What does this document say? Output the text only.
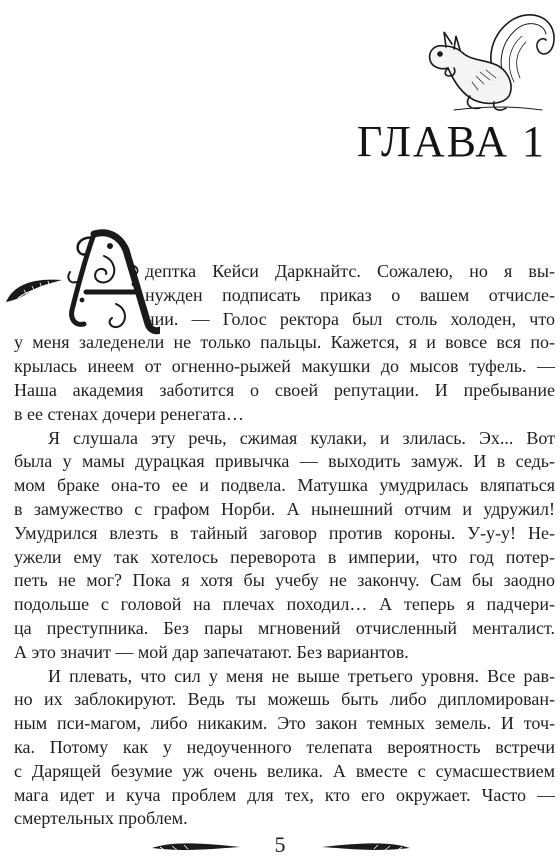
ГЛАВА 1

дептка Кейси Даркнайтс. Сожалею, но я вы-
нужден подписать приказ о вашем отчисле-
нии. — Голос ректора был столь холоден, что
у меня заледенели не только пальцы. Кажется, я и вовсе вся по-
крылась инеем от огненно-рыжей макушки до мысов туфель. —
Наша академия заботится о своей репутации. И пребывание
в ее стенах дочери ренегата…

Я слушала эту речь, сжимая кулаки, и злилась. Эх... Вот
была у мамы дурацкая привычка — выходить замуж. И в седь-
мом браке она-то ее и подвела. Матушка умудрилась вляпаться
в замужество с графом Норби. А нынешний отчим и удружил!
Умудрился влезть в тайный заговор против короны. У-у-у! Не-
ужели ему так хотелось переворота в империи, что год потер-
петь не мог? Пока я хотя бы учебу не закончу. Сам бы заодно
подольше с головой на плечах походил… А теперь я падчери-
ца преступника. Без пары мгновений отчисленный менталист.
А это значит — мой дар запечатают. Без вариантов.

И плевать, что сил у меня не выше третьего уровня. Все рав-
но их заблокируют. Ведь ты можешь быть либо дипломирован-
ным пси-магом, либо никаким. Это закон темных земель. И точ-
ка. Потому как у недоученного телепата вероятность встречи
с Дарящей безумие уж очень велика. А вместе с сумасшествием
мага идет и куча проблем для тех, кто его окружает. Часто —
смертельных проблем.

5
